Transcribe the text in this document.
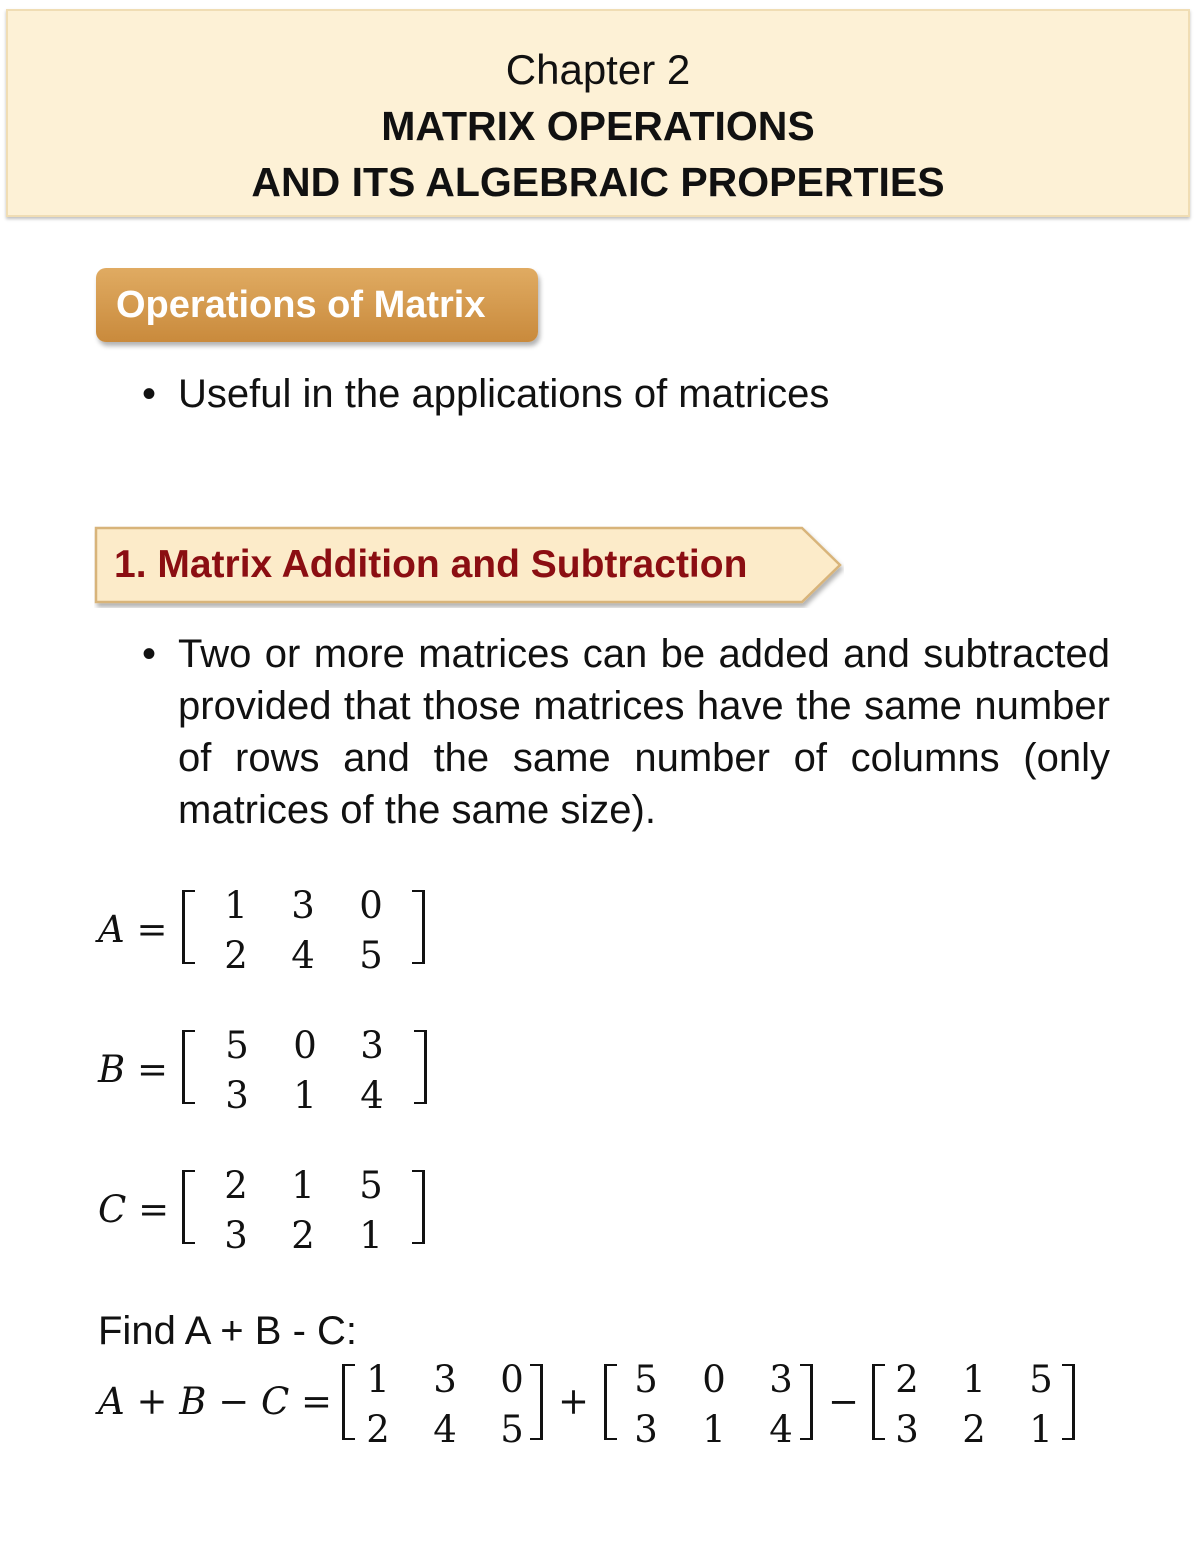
Chapter 2
MATRIX OPERATIONS
AND ITS ALGEBRAIC PROPERTIES
Operations of Matrix
• Useful in the applications of matrices
1. Matrix Addition and Subtraction
• Two or more matrices can be added and subtracted provided that those matrices have the same number of rows and the same number of columns (only matrices of the same size).
A =
1 3 0
2 4 5
B =
5 0 3
3 1 4
C =
2 1 5
3 2 1
Find A + B - C:
A + B − C =
1 3 0
2 4 5
+
5 0 3
3 1 4
−
2 1 5
3 2 1
